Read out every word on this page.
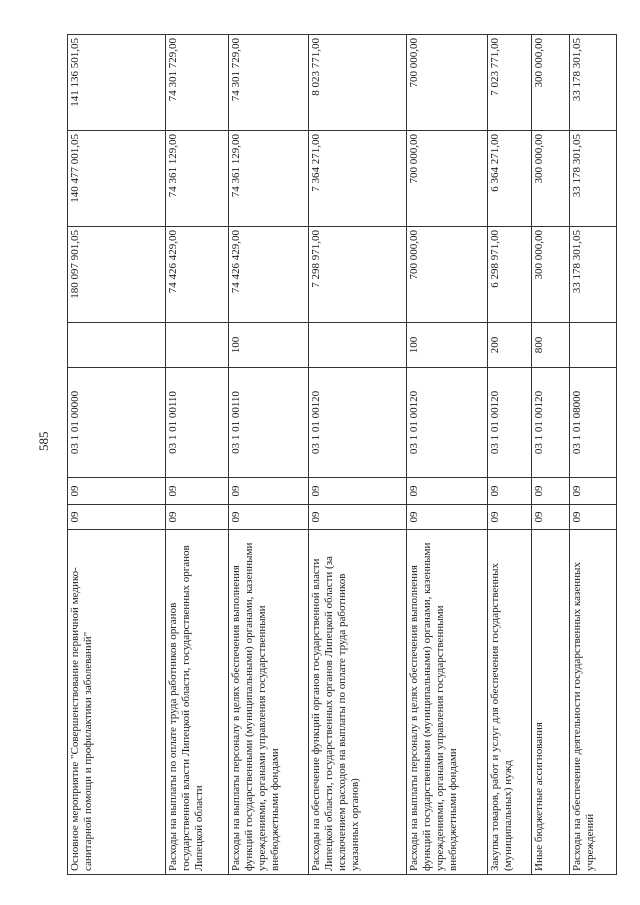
585
Основное мероприятие "Совершенствование первичной медико-санитарной помощи и профилактики заболеваний"	09	09	03 1 01 00000		180 097 901,05	140 477 001,05	141 136 501,05
Расходы на выплаты по оплате труда работников органов государственной власти Липецкой области, государственных органов Липецкой области	09	09	03 1 01 00110		74 426 429,00	74 361 129,00	74 301 729,00
Расходы на выплаты персоналу в целях обеспечения выполнения функций государственными (муниципальными) органами, казенными учреждениями, органами управления государственными внебюджетными фондами	09	09	03 1 01 00110	100	74 426 429,00	74 361 129,00	74 301 729,00
Расходы на обеспечение функций органов государственной власти Липецкой области, государственных органов Липецкой области (за исключением расходов на выплаты по оплате труда работников указанных органов)	09	09	03 1 01 00120		7 298 971,00	7 364 271,00	8 023 771,00
Расходы на выплаты персоналу в целях обеспечения выполнения функций государственными (муниципальными) органами, казенными учреждениями, органами управления государственными внебюджетными фондами	09	09	03 1 01 00120	100	700 000,00	700 000,00	700 000,00
Закупка товаров, работ и услуг для обеспечения государственных (муниципальных) нужд	09	09	03 1 01 00120	200	6 298 971,00	6 364 271,00	7 023 771,00
Иные бюджетные ассигнования	09	09	03 1 01 00120	800	300 000,00	300 000,00	300 000,00
Расходы на обеспечение деятельности государственных казенных учреждений	09	09	03 1 01 08000		33 178 301,05	33 178 301,05	33 178 301,05
